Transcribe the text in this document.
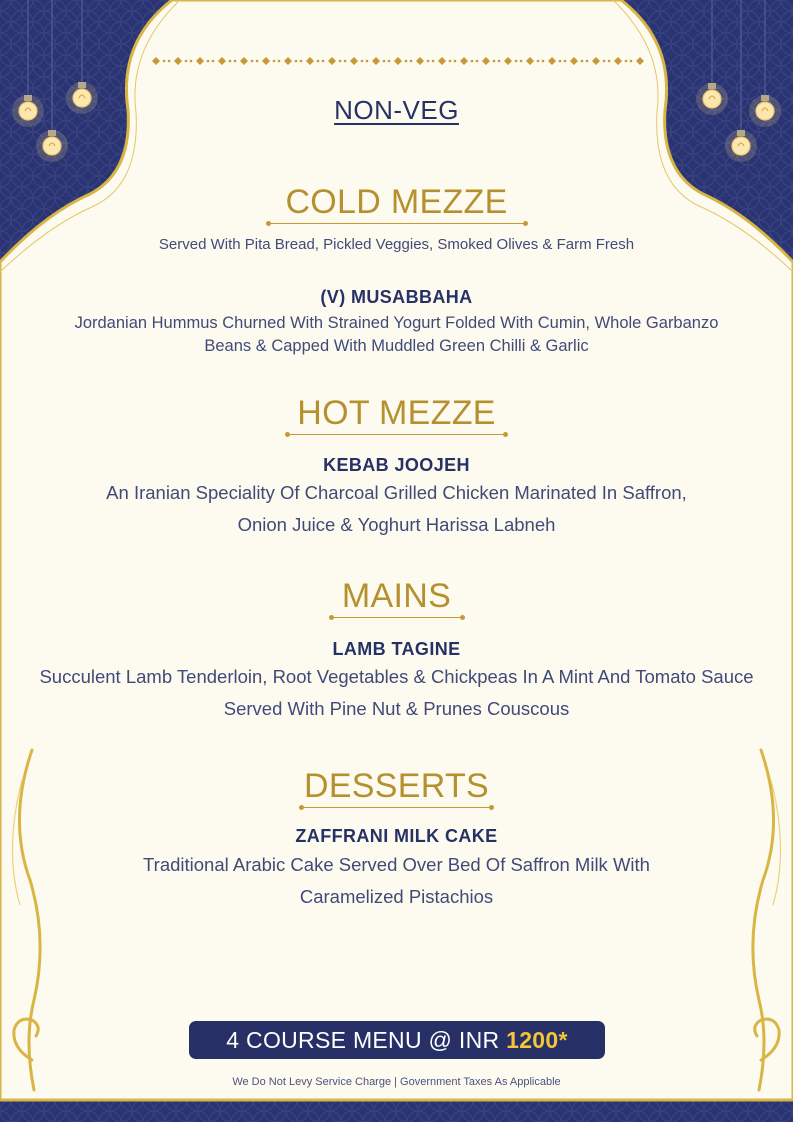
NON-VEG
COLD MEZZE
Served With Pita Bread, Pickled Veggies, Smoked Olives & Farm Fresh
(V) MUSABBAHA
Jordanian Hummus Churned With Strained Yogurt Folded With Cumin, Whole Garbanzo
Beans & Capped With Muddled Green Chilli & Garlic
HOT MEZZE
KEBAB JOOJEH
An Iranian Speciality Of Charcoal Grilled Chicken Marinated In Saffron,
Onion Juice & Yoghurt Harissa Labneh
MAINS
LAMB TAGINE
Succulent Lamb Tenderloin, Root Vegetables & Chickpeas In A Mint And Tomato Sauce
Served With Pine Nut & Prunes Couscous
DESSERTS
ZAFFRANI MILK CAKE
Traditional Arabic Cake Served Over Bed Of Saffron Milk With
Caramelized Pistachios
4 COURSE MENU @ INR 1200*
We Do Not Levy Service Charge | Government Taxes As Applicable
